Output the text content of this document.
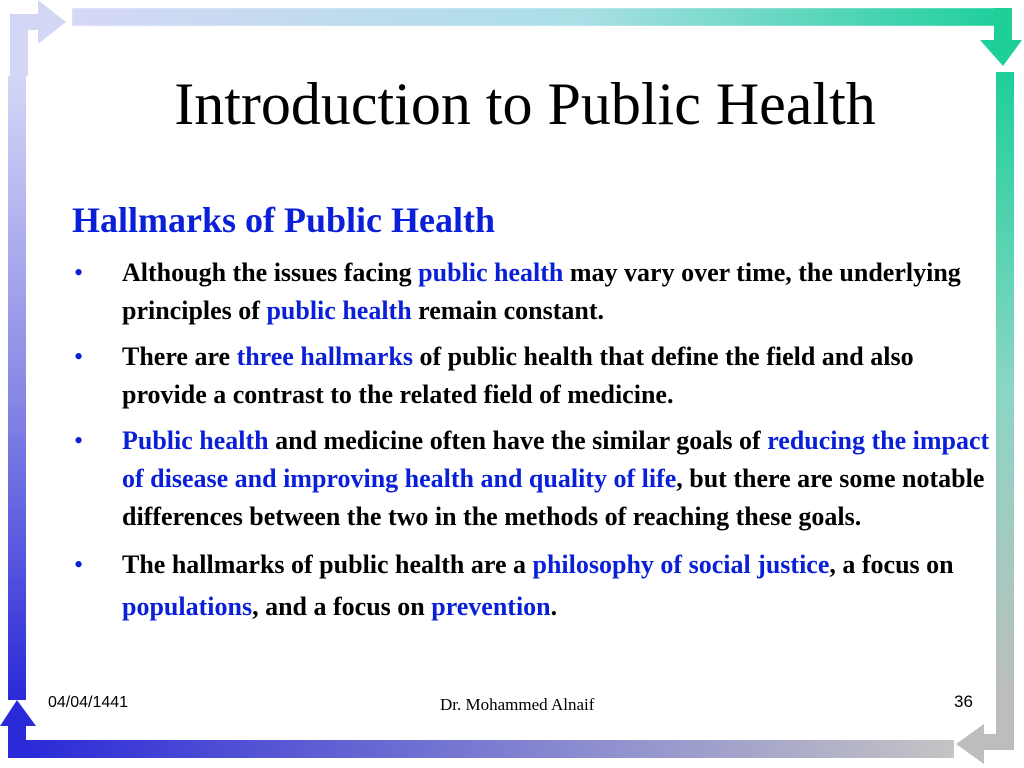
Introduction to Public Health
Hallmarks of Public Health
• Although the issues facing public health may vary over time, the underlying principles of public health remain constant.
• There are three hallmarks of public health that define the field and also provide a contrast to the related field of medicine.
• Public health and medicine often have the similar goals of reducing the impact of disease and improving health and quality of life, but there are some notable differences between the two in the methods of reaching these goals.
• The hallmarks of public health are a philosophy of social justice, a focus on populations, and a focus on prevention.
04/04/1441	Dr. Mohammed Alnaif	36
